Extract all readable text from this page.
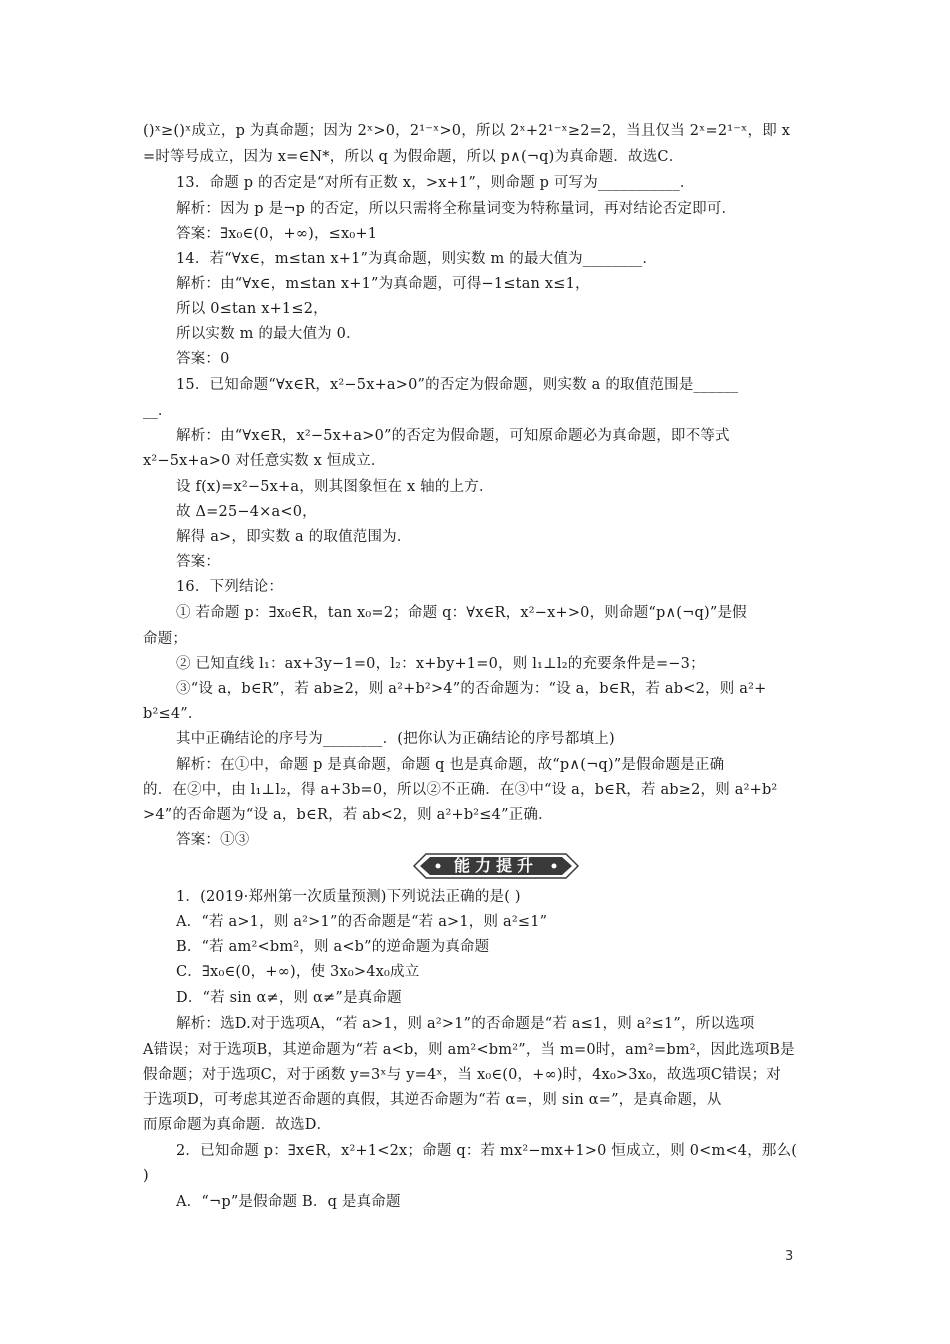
()ˣ≥()ˣ成立，p 为真命题；因为 2ˣ>0，2¹⁻ˣ>0，所以 2ˣ+2¹⁻ˣ≥2=2，当且仅当 2ˣ=2¹⁻ˣ，即 x
=时等号成立，因为 x=∈N*，所以 q 为假命题，所以 p∧(¬q)为真命题．故选C．
13．命题 p 的否定是“对所有正数 x，>x+1”，则命题 p 可写为___________．
解析：因为 p 是¬p 的否定，所以只需将全称量词变为特称量词，再对结论否定即可．
答案：∃x₀∈(0，+∞)，≤x₀+1
14．若“∀x∈，m≤tan x+1”为真命题，则实数 m 的最大值为________．
解析：由“∀x∈，m≤tan x+1”为真命题，可得−1≤tan x≤1，
所以 0≤tan x+1≤2，
所以实数 m 的最大值为 0．
答案：0
15．已知命题“∀x∈R，x²−5x+a>0”的否定为假命题，则实数 a 的取值范围是______
__．
解析：由“∀x∈R，x²−5x+a>0”的否定为假命题，可知原命题必为真命题，即不等式
x²−5x+a>0 对任意实数 x 恒成立．
设 f(x)=x²−5x+a，则其图象恒在 x 轴的上方．
故 Δ=25−4×a<0，
解得 a>，即实数 a 的取值范围为．
答案：
16．下列结论：
① 若命题 p：∃x₀∈R，tan x₀=2；命题 q：∀x∈R，x²−x+>0，则命题“p∧(¬q)”是假
命题；
② 已知直线 l₁：ax+3y−1=0，l₂：x+by+1=0，则 l₁⊥l₂的充要条件是=−3；
③“设 a，b∈R”，若 ab≥2，则 a²+b²>4”的否命题为：“设 a，b∈R，若 ab<2，则 a²+
b²≤4”．
其中正确结论的序号为________．(把你认为正确结论的序号都填上)
解析：在①中，命题 p 是真命题，命题 q 也是真命题，故“p∧(¬q)”是假命题是正确
的．在②中，由 l₁⊥l₂，得 a+3b=0，所以②不正确．在③中“设 a，b∈R，若 ab≥2，则 a²+b²
>4”的否命题为“设 a，b∈R，若 ab<2，则 a²+b²≤4”正确．
答案：①③
能力提升
1．(2019·郑州第一次质量预测)下列说法正确的是( )
A．“若 a>1，则 a²>1”的否命题是“若 a>1，则 a²≤1”
B．“若 am²<bm²，则 a<b”的逆命题为真命题
C．∃x₀∈(0，+∞)，使 3x₀>4x₀成立
D．“若 sin α≠，则 α≠”是真命题
解析：选D.对于选项A，“若 a>1，则 a²>1”的否命题是“若 a≤1，则 a²≤1”，所以选项
A错误；对于选项B，其逆命题为“若 a<b，则 am²<bm²”，当 m=0时，am²=bm²，因此选项B是
假命题；对于选项C，对于函数 y=3ˣ与 y=4ˣ，当 x₀∈(0，+∞)时，4x₀>3x₀，故选项C错误；对
于选项D，可考虑其逆否命题的真假，其逆否命题为“若 α=，则 sin α=”，是真命题，从
而原命题为真命题．故选D．
2．已知命题 p：∃x∈R，x²+1<2x；命题 q：若 mx²−mx+1>0 恒成立，则 0<m<4，那么(
)
A．“¬p”是假命题 B．q 是真命题
3
